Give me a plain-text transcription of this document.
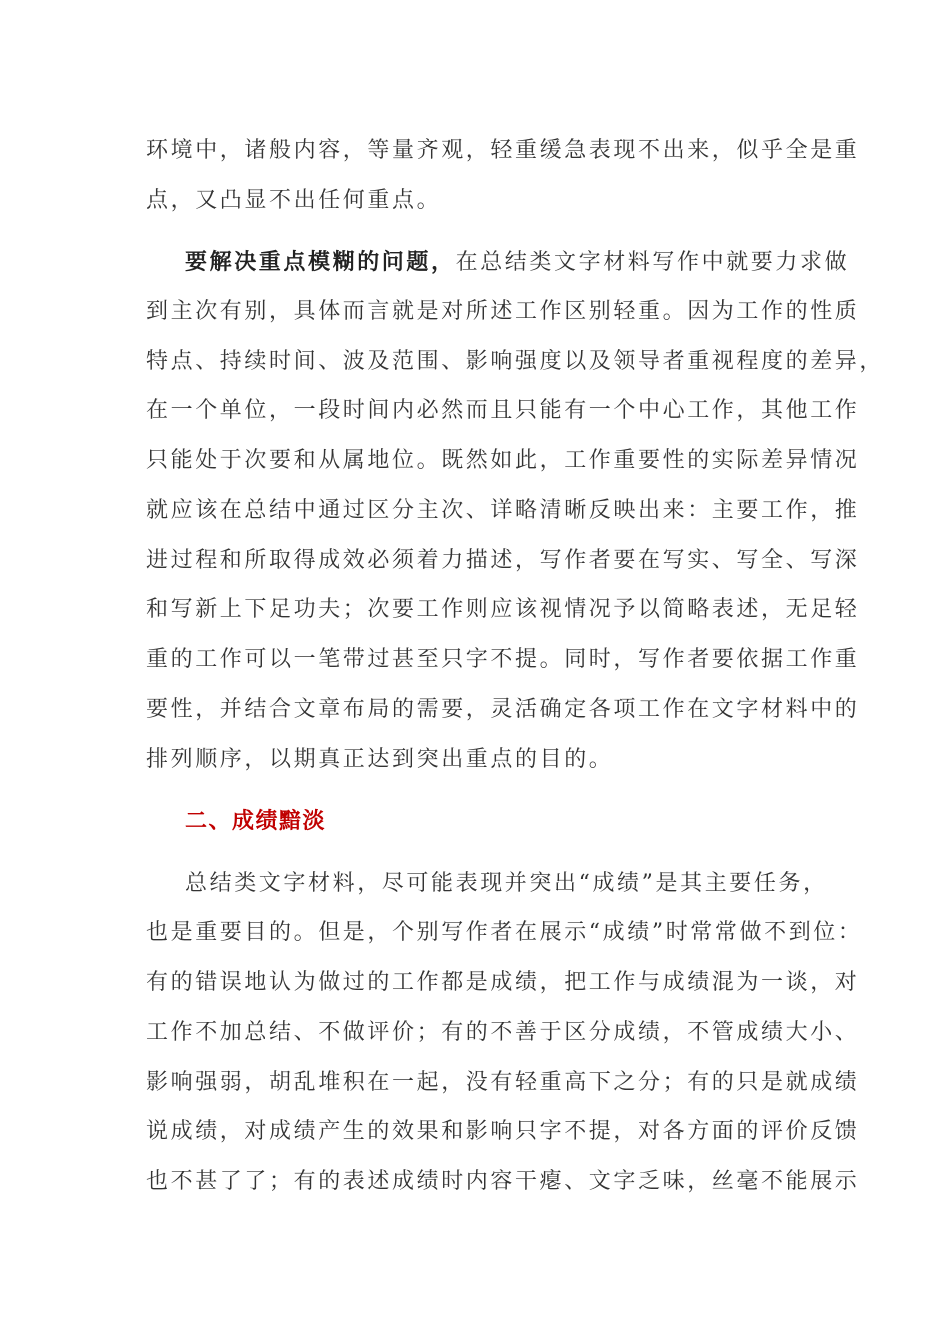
环境中，诸般内容，等量齐观，轻重缓急表现不出来，似乎全是重
点，又凸显不出任何重点。
要解决重点模糊的问题，在总结类文字材料写作中就要力求做
到主次有别，具体而言就是对所述工作区别轻重。因为工作的性质
特点、持续时间、波及范围、影响强度以及领导者重视程度的差异，
在一个单位，一段时间内必然而且只能有一个中心工作，其他工作
只能处于次要和从属地位。既然如此，工作重要性的实际差异情况
就应该在总结中通过区分主次、详略清晰反映出来：主要工作，推
进过程和所取得成效必须着力描述，写作者要在写实、写全、写深
和写新上下足功夫；次要工作则应该视情况予以简略表述，无足轻
重的工作可以一笔带过甚至只字不提。同时，写作者要依据工作重
要性，并结合文章布局的需要，灵活确定各项工作在文字材料中的
排列顺序，以期真正达到突出重点的目的。
二、成绩黯淡
总结类文字材料，尽可能表现并突出“成绩”是其主要任务，
也是重要目的。但是，个别写作者在展示“成绩”时常常做不到位：
有的错误地认为做过的工作都是成绩，把工作与成绩混为一谈，对
工作不加总结、不做评价；有的不善于区分成绩，不管成绩大小、
影响强弱，胡乱堆积在一起，没有轻重高下之分；有的只是就成绩
说成绩，对成绩产生的效果和影响只字不提，对各方面的评价反馈
也不甚了了；有的表述成绩时内容干瘪、文字乏味，丝毫不能展示
